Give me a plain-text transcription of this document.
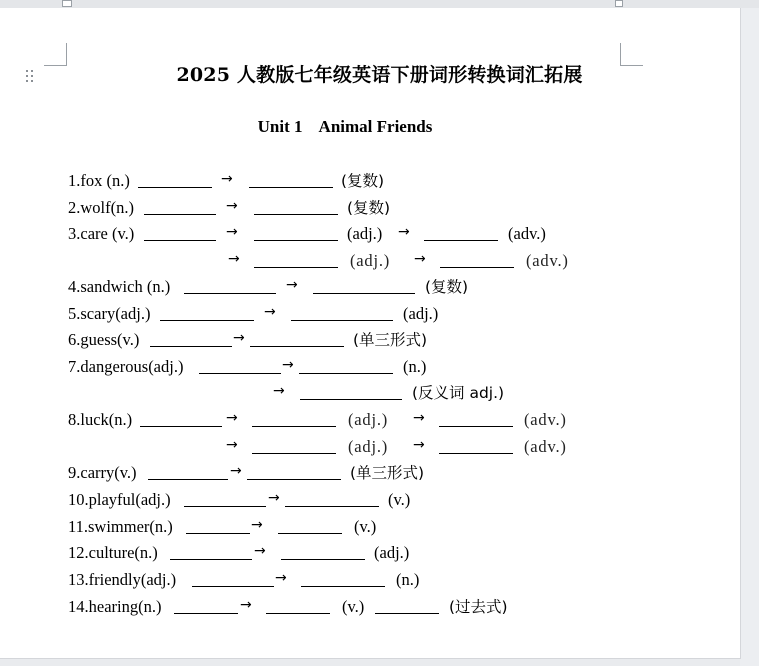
2025 人教版七年级英语下册词形转换词汇拓展
Unit 1    Animal Friends
1.fox (n.)	→	(复数)
2.wolf(n.)	→	(复数)
3.care (v.)	→	(adj.) →	(adv.)
→	(adj.) →	(adv.)
4.sandwich (n.)	→	(复数)
5.scary(adj.)	→	(adj.)
6.guess(v.)	→	(单三形式)
7.dangerous(adj.)	→	(n.)
→	(反义词 adj.)
8.luck(n.)	→	(adj.) →	(adv.)
→	(adj.) →	(adv.)
9.carry(v.)	→	(单三形式)
10.playful(adj.)	→	(v.)
11.swimmer(n.)	→	(v.)
12.culture(n.)	→	(adj.)
13.friendly(adj.)	→	(n.)
14.hearing(n.)	→	(v.)	(过去式)
